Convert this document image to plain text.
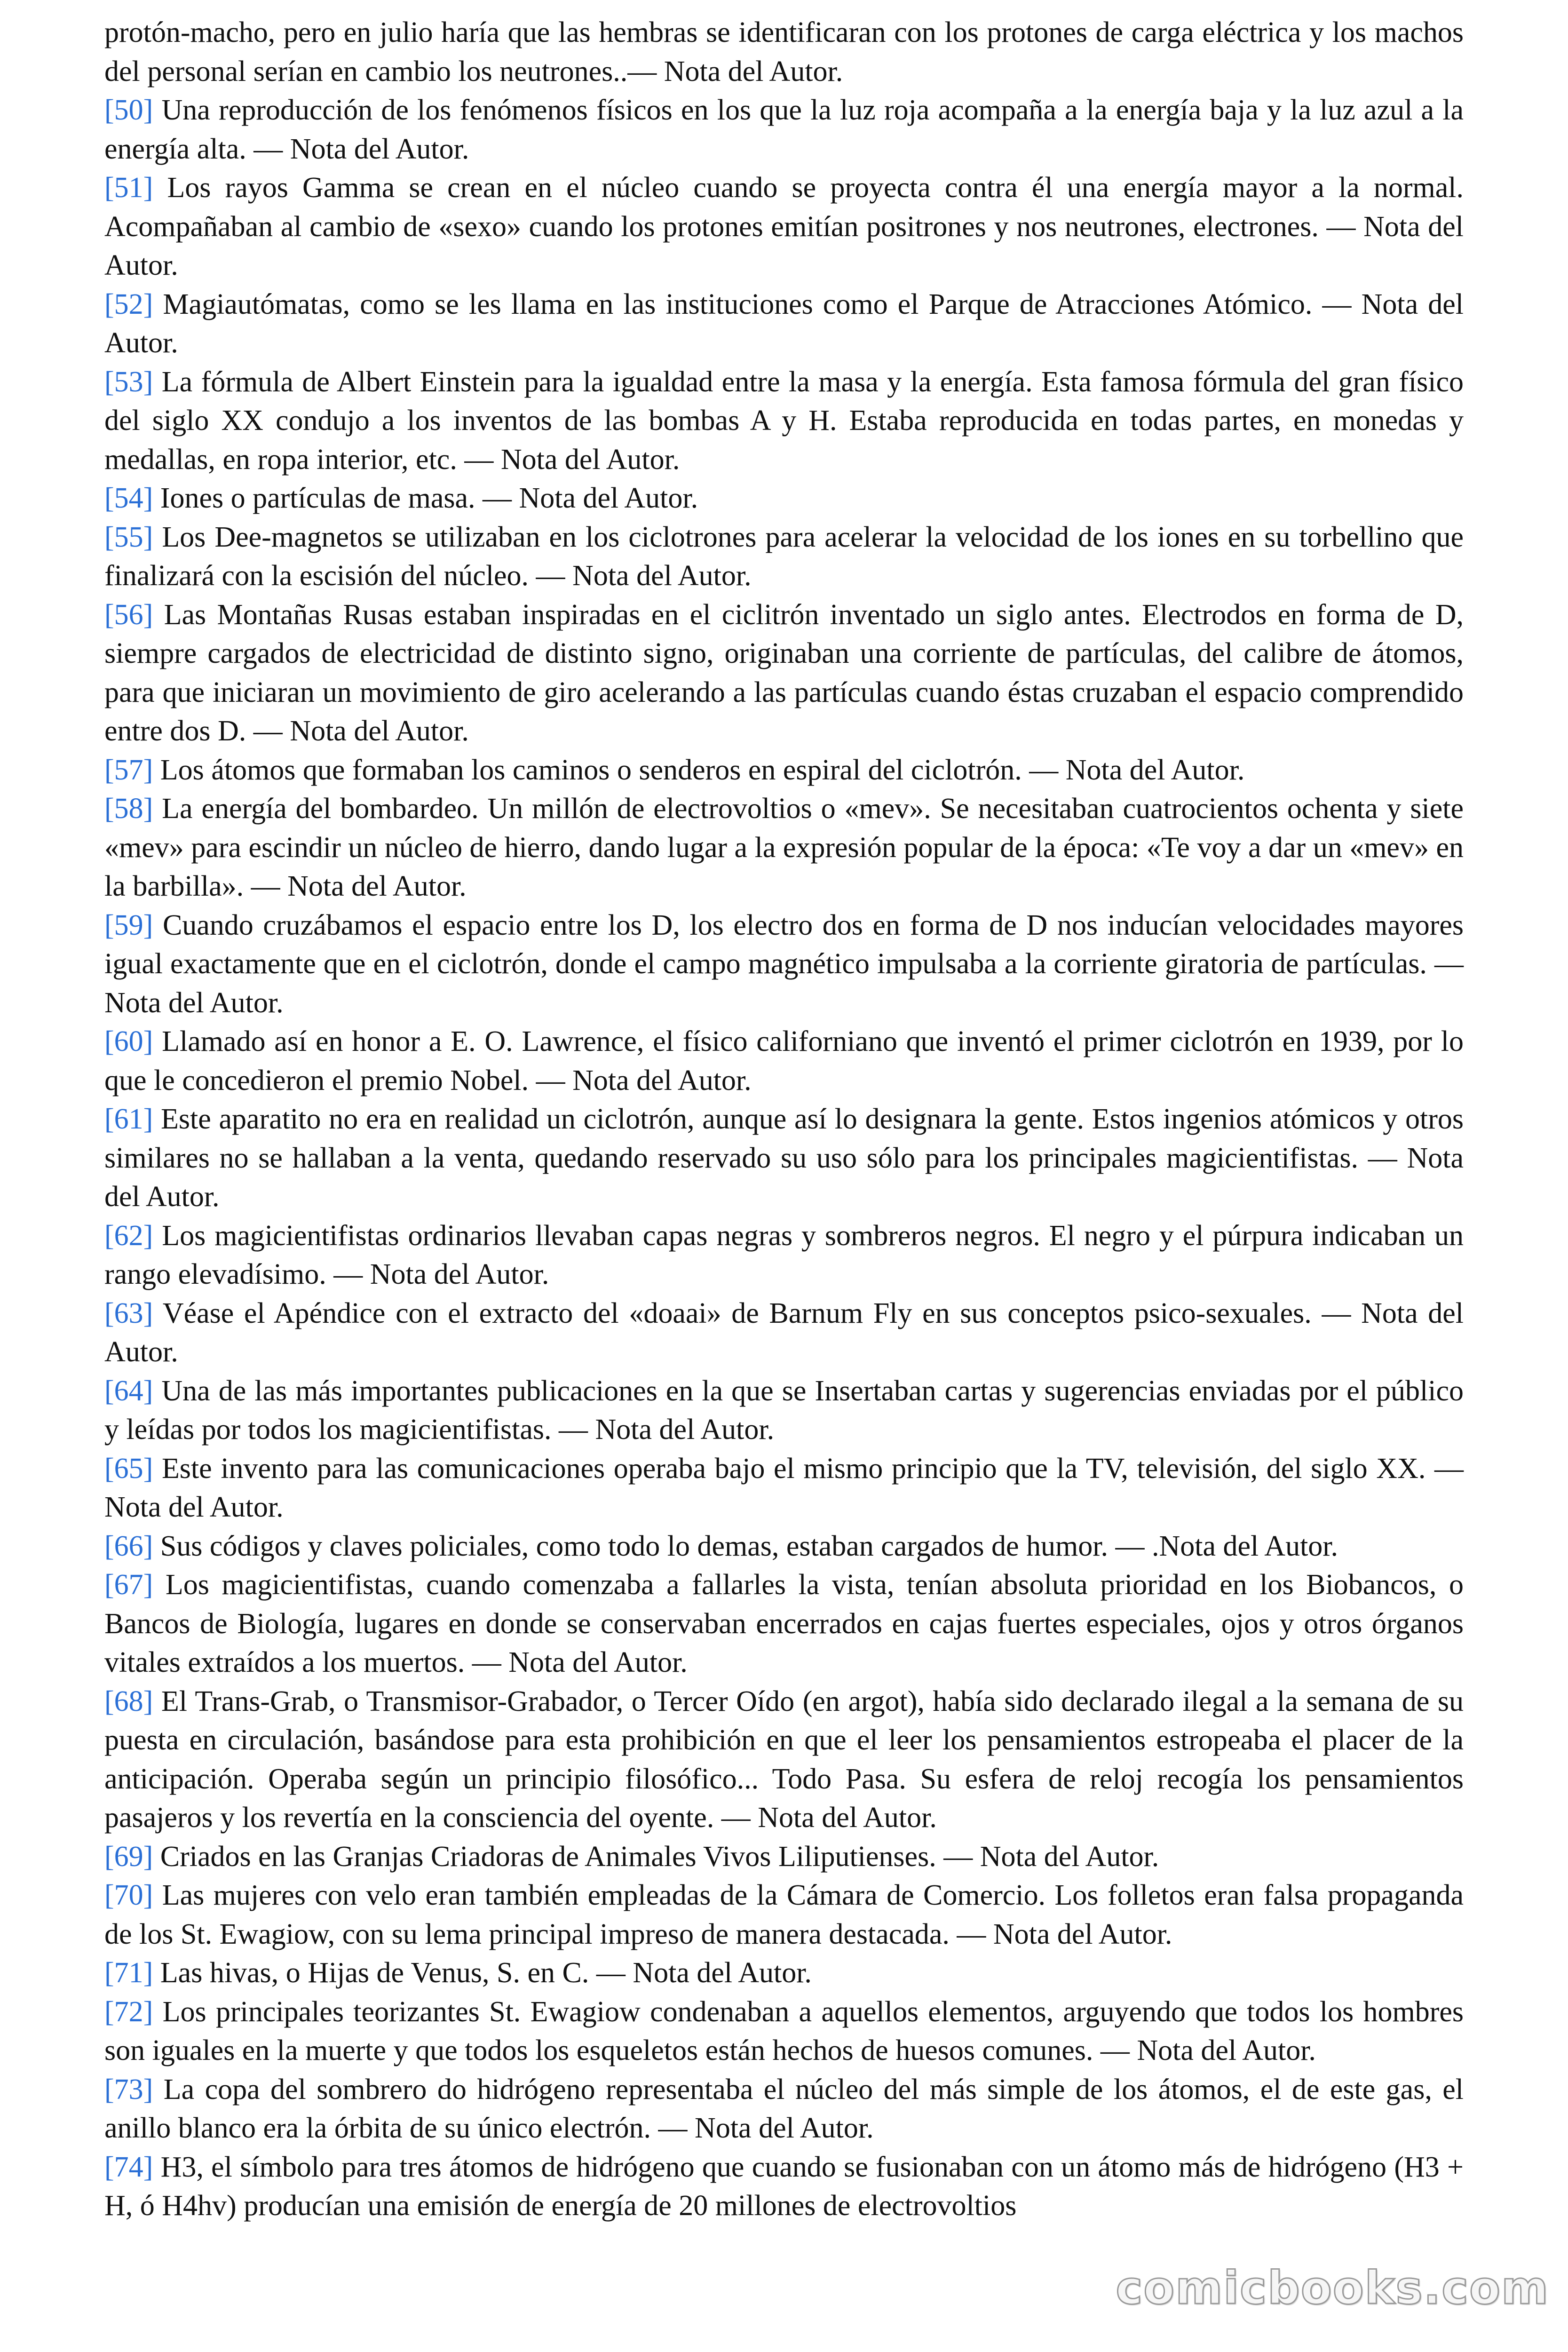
protón-macho, pero en julio haría que las hembras se identificaran con los protones de carga eléctrica y los machos del personal serían en cambio los neutrones..— Nota del Autor.

[50] Una reproducción de los fenómenos físicos en los que la luz roja acompaña a la energía baja y la luz azul a la energía alta. — Nota del Autor.

[51] Los rayos Gamma se crean en el núcleo cuando se proyecta contra él una energía mayor a la normal. Acompañaban al cambio de «sexo» cuando los protones emitían positrones y nos neutrones, electrones. — Nota del Autor.

[52] Magiautómatas, como se les llama en las instituciones como el Parque de Atracciones Atómico. — Nota del Autor.

[53] La fórmula de Albert Einstein para la igualdad entre la masa y la energía. Esta famosa fórmula del gran físico del siglo XX condujo a los inventos de las bombas A y H. Estaba reproducida en todas partes, en monedas y medallas, en ropa interior, etc. — Nota del Autor.

[54] Iones o partículas de masa. — Nota del Autor.

[55] Los Dee-magnetos se utilizaban en los ciclotrones para acelerar la velocidad de los iones en su torbellino que finalizará con la escisión del núcleo. — Nota del Autor.

[56] Las Montañas Rusas estaban inspiradas en el ciclitrón inventado un siglo antes. Electrodos en forma de D, siempre cargados de electricidad de distinto signo, originaban una corriente de partículas, del calibre de átomos, para que iniciaran un movimiento de giro acelerando a las partículas cuando éstas cruzaban el espacio comprendido entre dos D. — Nota del Autor.

[57] Los átomos que formaban los caminos o senderos en espiral del ciclotrón. — Nota del Autor.

[58] La energía del bombardeo. Un millón de electrovoltios o «mev». Se necesitaban cuatrocientos ochenta y siete «mev» para escindir un núcleo de hierro, dando lugar a la expresión popular de la época: «Te voy a dar un «mev» en la barbilla». — Nota del Autor.

[59] Cuando cruzábamos el espacio entre los D, los electro dos en forma de D nos inducían velocidades mayores igual exactamente que en el ciclotrón, donde el campo magnético impulsaba a la corriente giratoria de partículas. — Nota del Autor.

[60] Llamado así en honor a E. O. Lawrence, el físico californiano que inventó el primer ciclotrón en 1939, por lo que le concedieron el premio Nobel. — Nota del Autor.

[61] Este aparatito no era en realidad un ciclotrón, aunque así lo designara la gente. Estos ingenios atómicos y otros similares no se hallaban a la venta, quedando reservado su uso sólo para los principales magicientifistas. — Nota del Autor.

[62] Los magicientifistas ordinarios llevaban capas negras y sombreros negros. El negro y el púrpura indicaban un rango elevadísimo. — Nota del Autor.

[63] Véase el Apéndice con el extracto del «doaai» de Barnum Fly en sus conceptos psico-sexuales. — Nota del Autor.

[64] Una de las más importantes publicaciones en la que se Insertaban cartas y sugerencias enviadas por el público y leídas por todos los magicientifistas. — Nota del Autor.

[65] Este invento para las comunicaciones operaba bajo el mismo principio que la TV, televisión, del siglo XX. — Nota del Autor.

[66] Sus códigos y claves policiales, como todo lo demas, estaban cargados de humor. — .Nota del Autor.

[67] Los magicientifistas, cuando comenzaba a fallarles la vista, tenían absoluta prioridad en los Biobancos, o Bancos de Biología, lugares en donde se conservaban encerrados en cajas fuertes especiales, ojos y otros órganos vitales extraídos a los muertos. — Nota del Autor.

[68] El Trans-Grab, o Transmisor-Grabador, o Tercer Oído (en argot), había sido declarado ilegal a la semana de su puesta en circulación, basándose para esta prohibición en que el leer los pensamientos estropeaba el placer de la anticipación. Operaba según un principio filosófico... Todo Pasa. Su esfera de reloj recogía los pensamientos pasajeros y los revertía en la consciencia del oyente. — Nota del Autor.

[69] Criados en las Granjas Criadoras de Animales Vivos Liliputienses. — Nota del Autor.

[70] Las mujeres con velo eran también empleadas de la Cámara de Comercio. Los folletos eran falsa propaganda de los St. Ewagiow, con su lema principal impreso de manera destacada. — Nota del Autor.

[71] Las hivas, o Hijas de Venus, S. en C. — Nota del Autor.

[72] Los principales teorizantes St. Ewagiow condenaban a aquellos elementos, arguyendo que todos los hombres son iguales en la muerte y que todos los esqueletos están hechos de huesos comunes. — Nota del Autor.

[73] La copa del sombrero do hidrógeno representaba el núcleo del más simple de los átomos, el de este gas, el anillo blanco era la órbita de su único electrón. — Nota del Autor.

[74] H3, el símbolo para tres átomos de hidrógeno que cuando se fusionaban con un átomo más de hidrógeno (H3 + H, ó H4hv) producían una emisión de energía de 20 millones de electrovoltios

comicbooks.com
